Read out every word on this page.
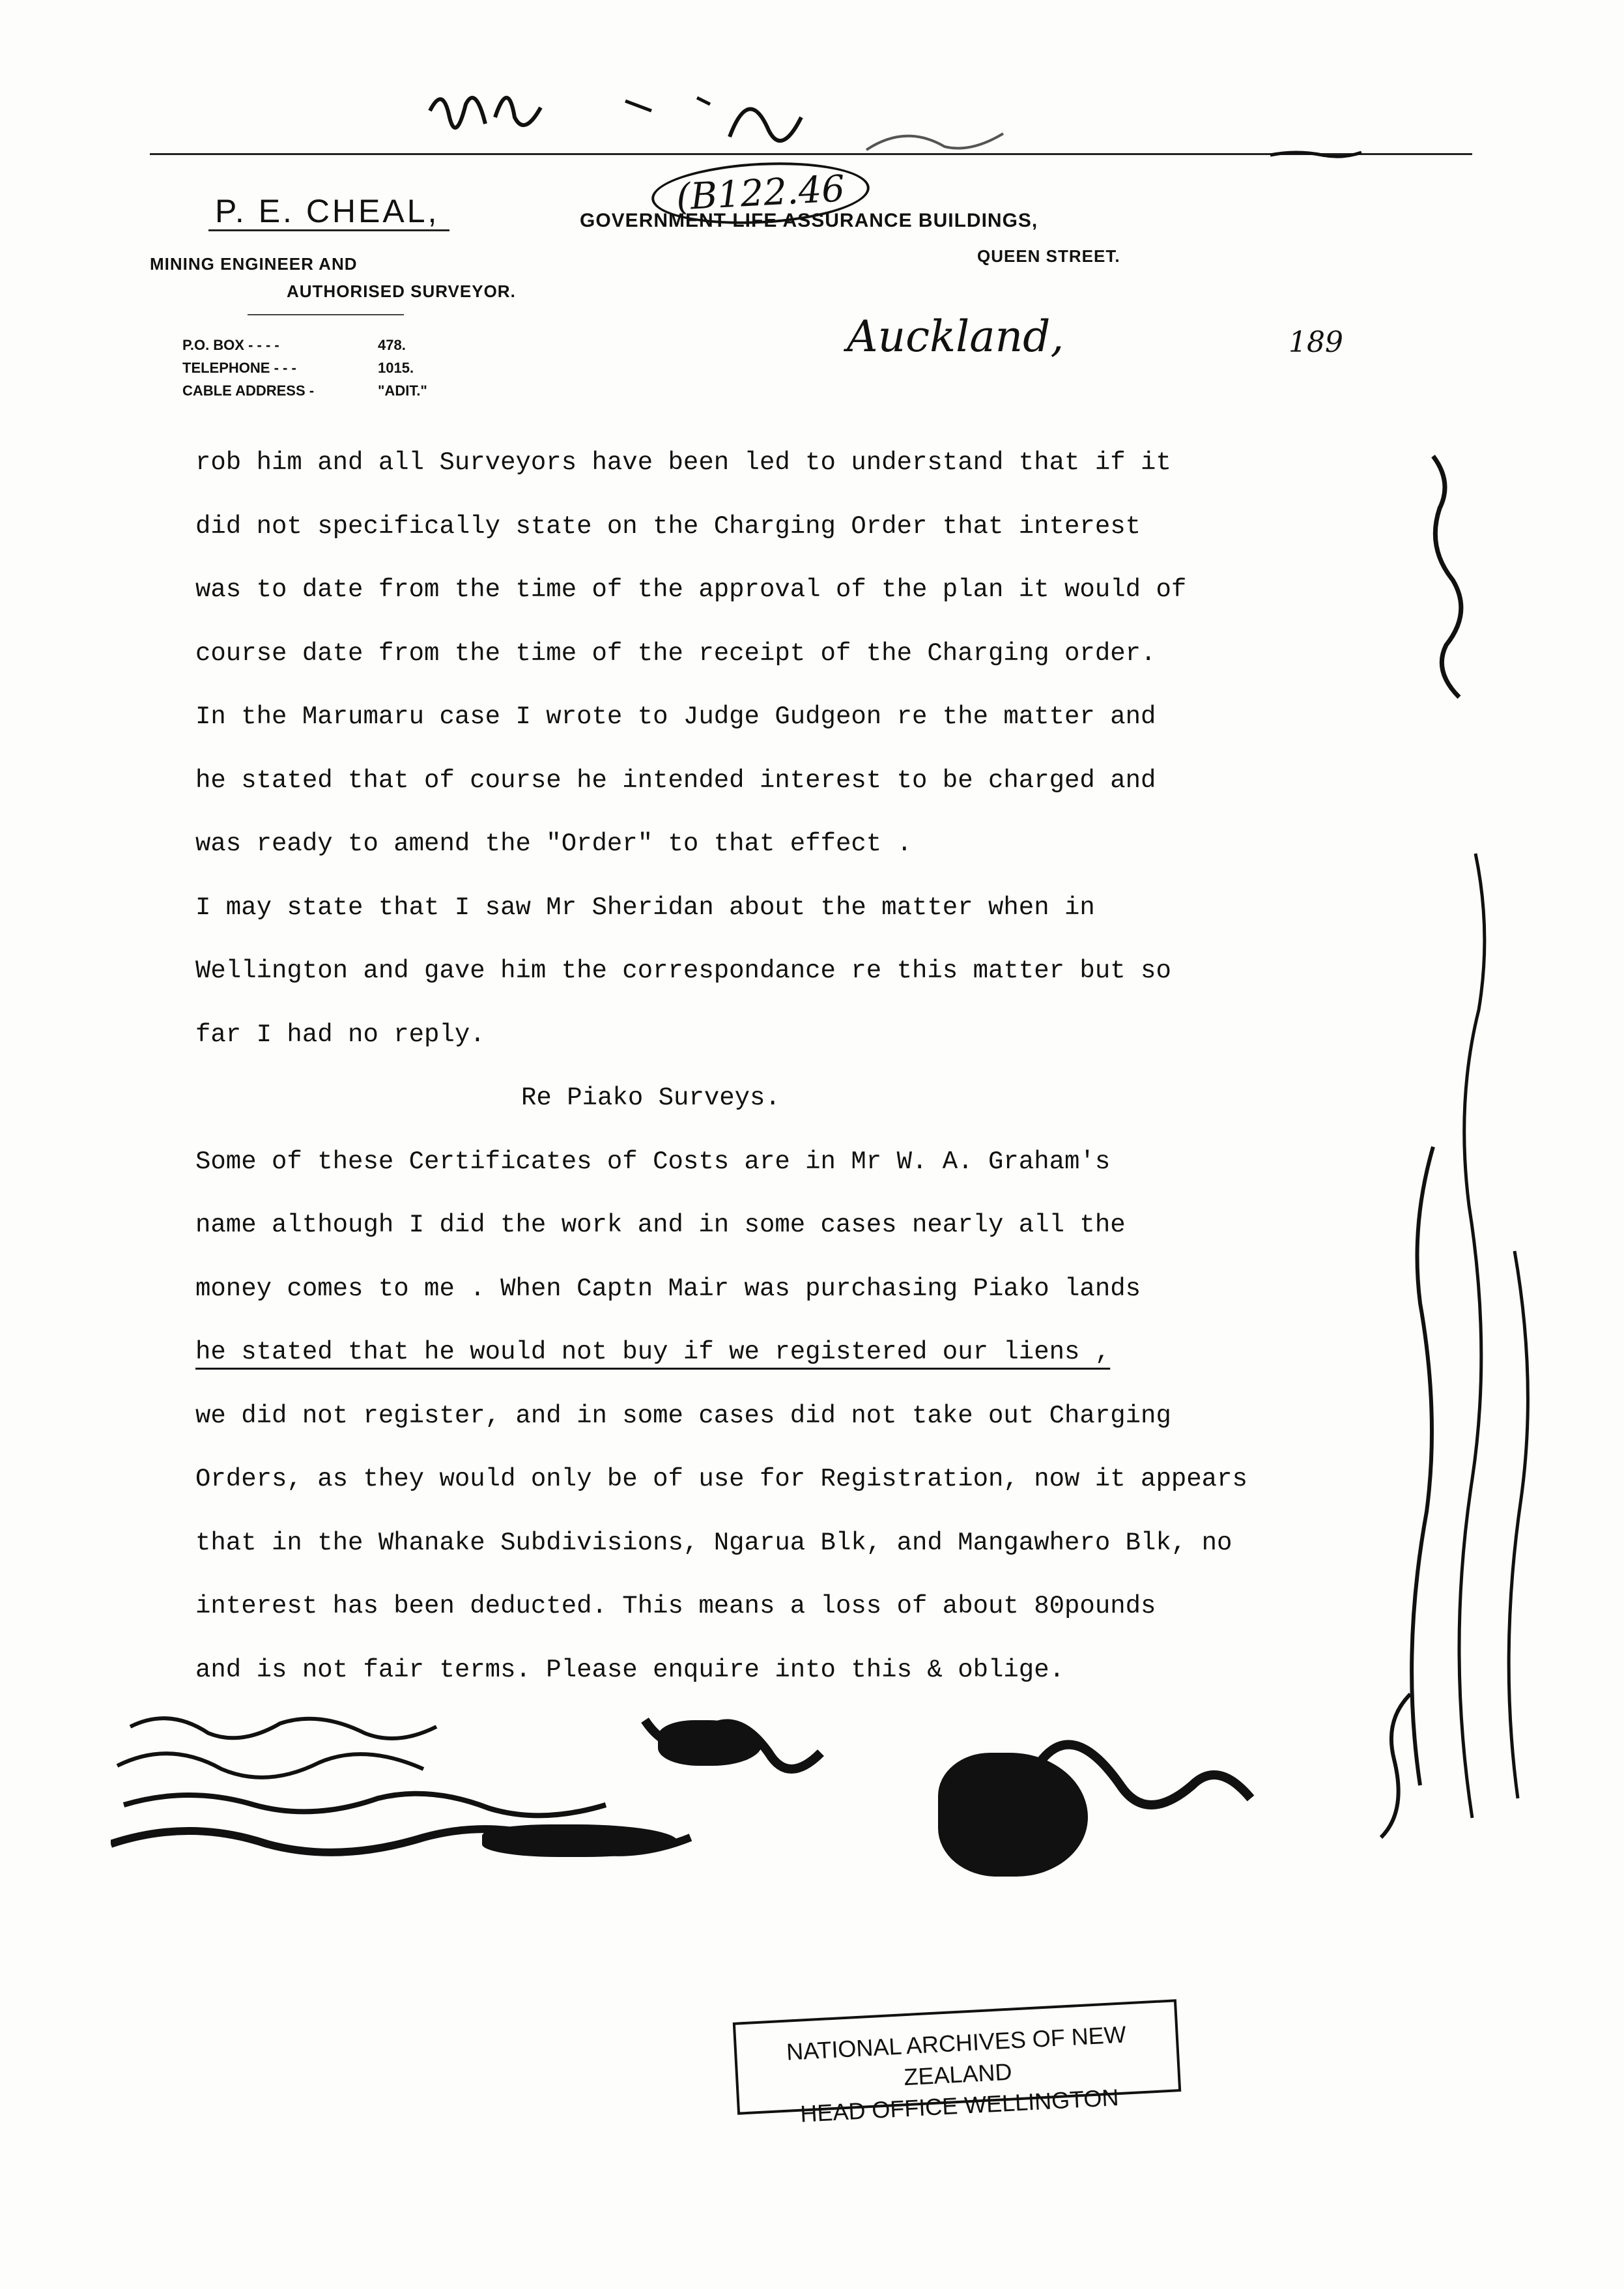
(B122.46
P. E. CHEAL,
MINING ENGINEER AND
AUTHORISED SURVEYOR.
P.O. BOX - - - -	478.
TELEPHONE - - -	1015.
CABLE ADDRESS -	"ADIT."
GOVERNMENT LIFE ASSURANCE BUILDINGS,
QUEEN STREET.
Auckland,	189
rob him and all Surveyors have been led to understand that if it
did not specifically state on the Charging Order that interest
was to date from the time of the approval of the plan it would of
course date from the time of the receipt of the Charging order.
In the Marumaru case I wrote to Judge Gudgeon re the matter and
he stated that of course he intended interest to be charged and
was ready to amend the "Order" to that effect .
I may state that I saw Mr Sheridan about the matter when in
Wellington and gave him the correspondance re this matter but so
far I had no reply.
Re Piako Surveys.
Some of these Certificates of Costs are in Mr W. A. Graham's
name although I did the work and in some cases nearly all the
money comes to me . When Captn Mair was purchasing Piako lands
he stated that he would not buy if we registered our liens ,
we did not register, and in some cases did not take out Charging
Orders, as they would only be of use for Registration, now it appears
that in the Whanake Subdivisions, Ngarua Blk, and Mangawhero Blk, no
interest has been deducted. This means a loss of about 80pounds
and is not fair terms. Please enquire into this & oblige.
NATIONAL ARCHIVES OF NEW ZEALAND
HEAD OFFICE WELLINGTON
